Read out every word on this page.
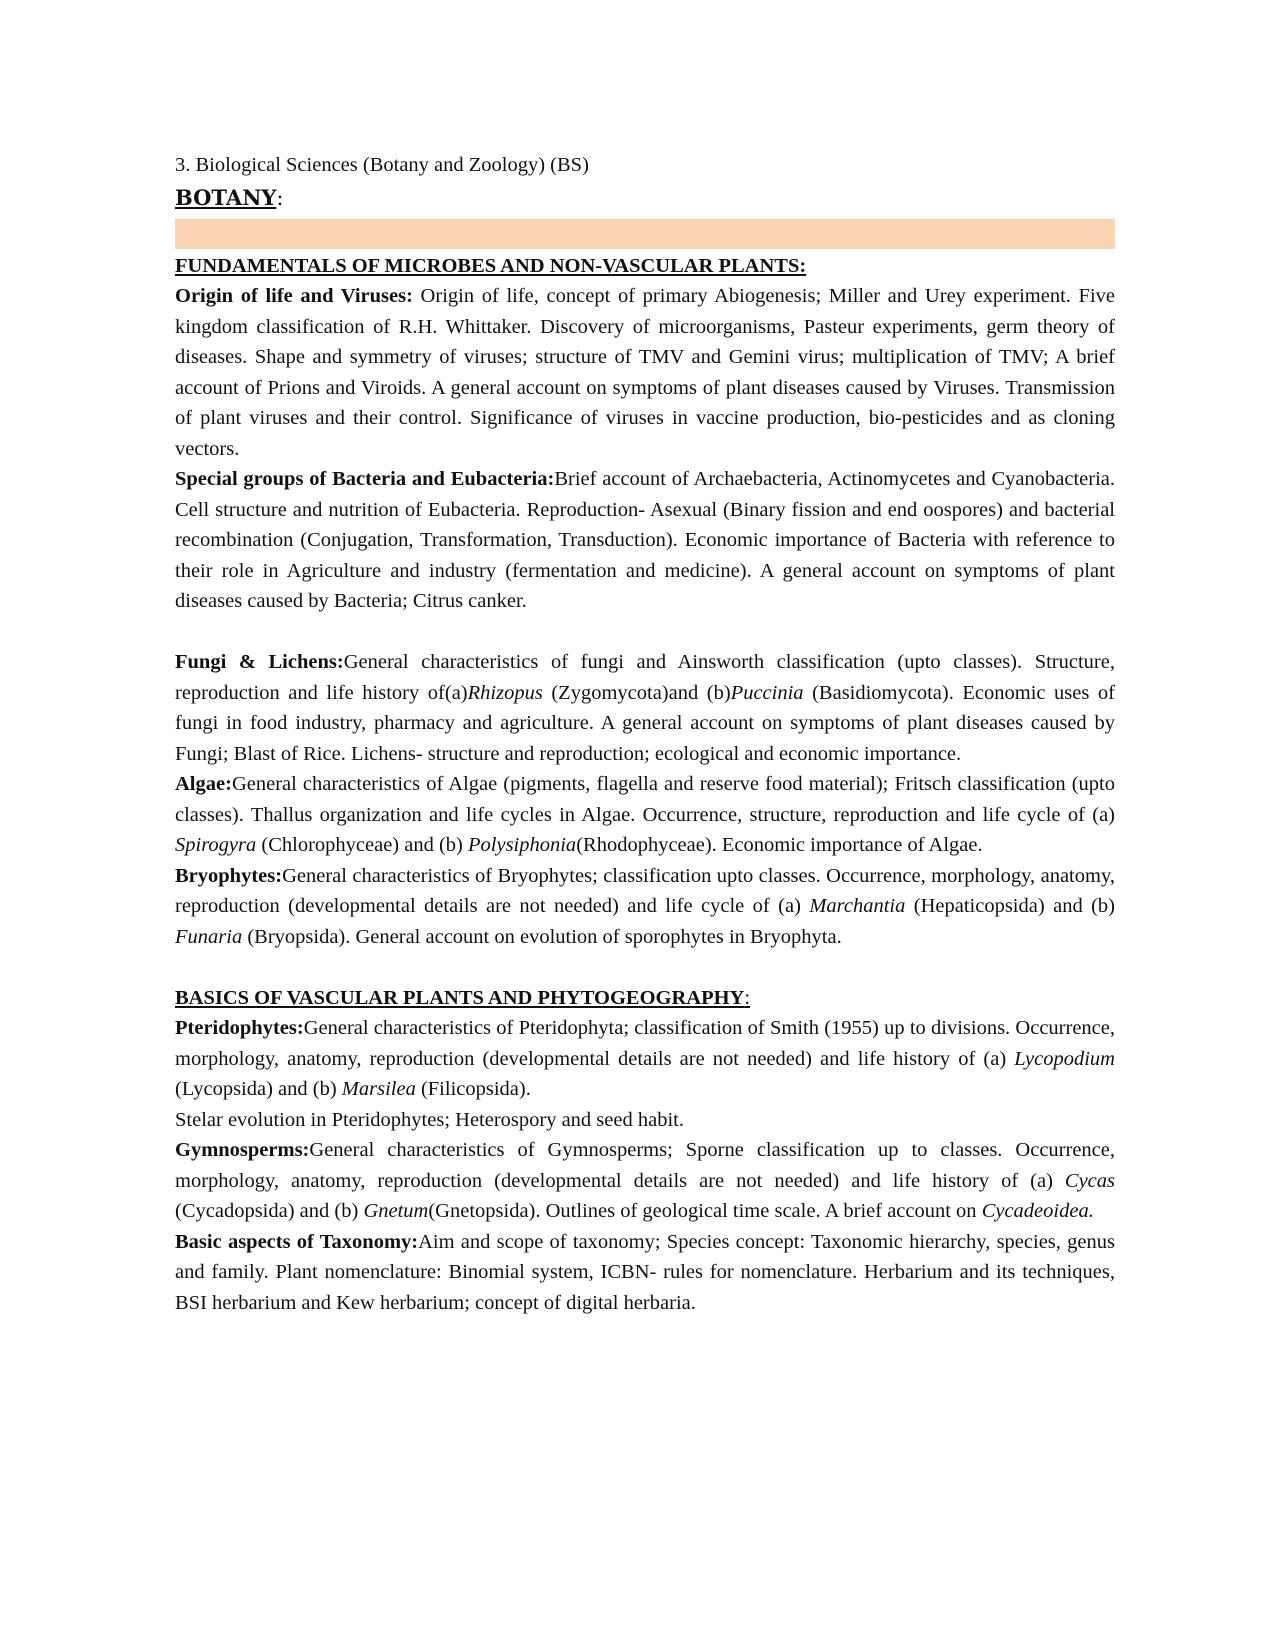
3. Biological Sciences (Botany and Zoology) (BS)

BOTANY :

FUNDAMENTALS OF MICROBES AND NON-VASCULAR PLANTS:

Origin of life and Viruses: Origin of life, concept of primary Abiogenesis; Miller and Urey experiment. Five kingdom classification of R.H. Whittaker. Discovery of microorganisms, Pasteur experiments, germ theory of diseases. Shape and symmetry of viruses; structure of TMV and Gemini virus; multiplication of TMV; A brief account of Prions and Viroids. A general account on symptoms of plant diseases caused by Viruses. Transmission of plant viruses and their control. Significance of viruses in vaccine production, bio-pesticides and as cloning vectors.

Special groups of Bacteria and Eubacteria:Brief account of Archaebacteria, Actinomycetes and Cyanobacteria. Cell structure and nutrition of Eubacteria. Reproduction- Asexual (Binary fission and end oospores) and bacterial recombination (Conjugation, Transformation, Transduction). Economic importance of Bacteria with reference to their role in Agriculture and industry (fermentation and medicine). A general account on symptoms of plant diseases caused by Bacteria; Citrus canker.

Fungi & Lichens:General characteristics of fungi and Ainsworth classification (upto classes). Structure, reproduction and life history of(a)Rhizopus (Zygomycota)and (b)Puccinia (Basidiomycota). Economic uses of fungi in food industry, pharmacy and agriculture. A general account on symptoms of plant diseases caused by Fungi; Blast of Rice. Lichens- structure and reproduction; ecological and economic importance.

Algae:General characteristics of Algae (pigments, flagella and reserve food material); Fritsch classification (upto classes). Thallus organization and life cycles in Algae. Occurrence, structure, reproduction and life cycle of (a) Spirogyra (Chlorophyceae) and (b) Polysiphonia(Rhodophyceae). Economic importance of Algae.

Bryophytes:General characteristics of Bryophytes; classification upto classes. Occurrence, morphology, anatomy, reproduction (developmental details are not needed) and life cycle of (a) Marchantia (Hepaticopsida) and (b) Funaria (Bryopsida). General account on evolution of sporophytes in Bryophyta.

BASICS OF VASCULAR PLANTS AND PHYTOGEOGRAPHY:

Pteridophytes:General characteristics of Pteridophyta; classification of Smith (1955) up to divisions. Occurrence, morphology, anatomy, reproduction (developmental details are not needed) and life history of (a) Lycopodium (Lycopsida) and (b) Marsilea (Filicopsida).

Stelar evolution in Pteridophytes; Heterospory and seed habit.

Gymnosperms:General characteristics of Gymnosperms; Sporne classification up to classes. Occurrence, morphology, anatomy, reproduction (developmental details are not needed) and life history of (a) Cycas (Cycadopsida) and (b) Gnetum(Gnetopsida). Outlines of geological time scale. A brief account on Cycadeoidea.

Basic aspects of Taxonomy:Aim and scope of taxonomy; Species concept: Taxonomic hierarchy, species, genus and family. Plant nomenclature: Binomial system, ICBN- rules for nomenclature. Herbarium and its techniques, BSI herbarium and Kew herbarium; concept of digital herbaria.
